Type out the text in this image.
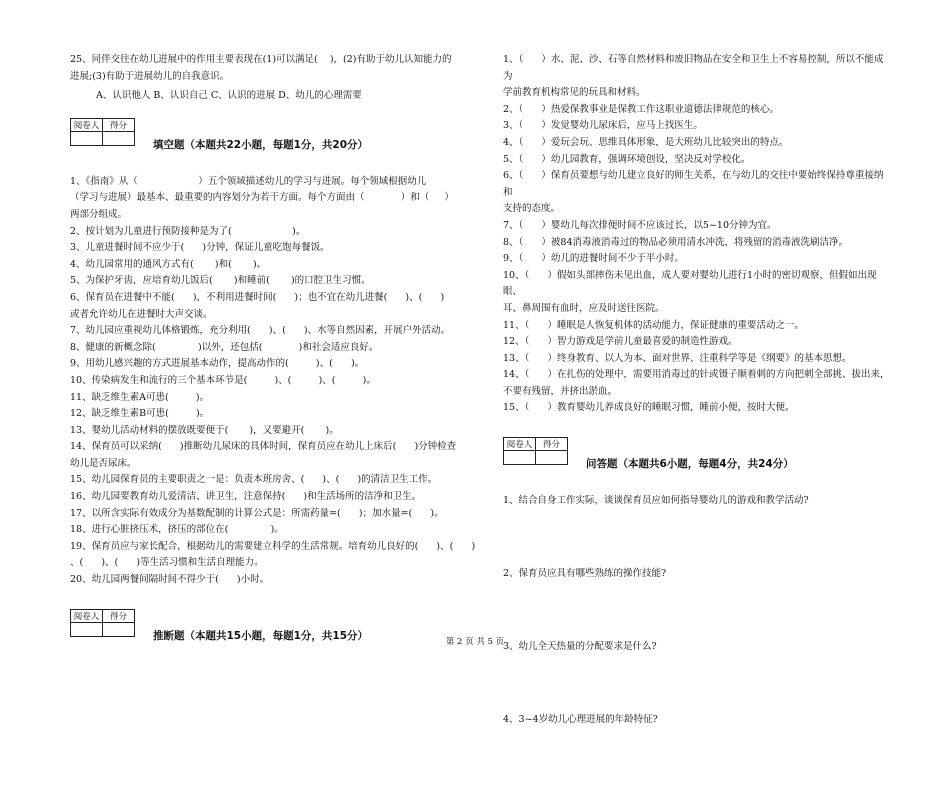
25、同伴交往在幼儿进展中的作用主要表现在(1)可以满足(    )，(2)有助于幼儿认知能力的
进展;(3)有助于进展幼儿的自我意识。
A、认识他人 B、认识自己 C、认识的进展 D、幼儿的心理需要
阅卷人	得分

填空题（本题共22小题，每题1分，共20分）
1、《指南》从（                    ）五个领域描述幼儿的学习与进展。每个领域根据幼儿
（学习与进展）最基本、最重要的内容划分为若干方面。每个方面由（            ）和（     ）
两部分组成。
2、按计划为儿童进行预防接种是为了(                    )。
3、儿童进餐时间不应少于(      )分钟，保证儿童吃饱每餐饭。
4、幼儿园常用的通风方式有(       )和(       )。
5、为保护牙齿，应培育幼儿饭后(       )和睡前(       )的口腔卫生习惯。
6、保育员在进餐中不能(      )，不利用进餐时间(      )；也不宜在幼儿进餐(      )、(      )
或者允许幼儿在进餐时大声交谈。
7、幼儿园应重视幼儿体格锻炼，充分利用(      )、(      )、水等自然因素，开展户外活动。
8、健康的新概念除(              )以外，还包括(            )和社会适应良好。
9、用幼儿感兴趣的方式进展基本动作，提高动作的(         )、(      )。
10、传染病发生和流行的三个基本环节是(         )、(         )、(         )。
11、缺乏维生素A可患(         )。
12、缺乏维生素B可患(         )。
13、婴幼儿活动材料的摆放既要便于(       )，又要避开(       )。
14、保育员可以采纳(      )推断幼儿尿床的具体时间，保育员应在幼儿上床后(      )分钟检查
幼儿是否尿床。
15、幼儿园保育员的主要职责之一是：负责本班房舍、(      )、(      )的清洁卫生工作。
16、幼儿园要教育幼儿爱清洁、讲卫生，注意保持(      )和生活场所的洁净和卫生。
17、以所含实际有效成分为基数配制的计算公式是：所需药量=(      )；加水量=(      )。
18、进行心脏挤压术，挤压的部位在(              )。
19、保育员应与家长配合，根据幼儿的需要建立科学的生活常规。培育幼儿良好的(      )、(      )
、(      )、(      )等生活习惯和生活自理能力。
20、幼儿园两餐间隔时间不得少于(      )小时。
阅卷人	得分

推断题（本题共15小题，每题1分，共15分）
1、（      ）水、泥、沙、石等自然材料和废旧物品在安全和卫生上不容易控制，所以不能成为
学前教育机构常见的玩具和材料。
2、（      ）热爱保教事业是保教工作这职业道德法律规范的核心。
3、（      ）发觉婴幼儿尿床后，应马上找医生。
4、（      ）爱玩会玩、思维具体形象，是大班幼儿比较突出的特点。
5、（      ）幼儿园教育，强调环境创设，坚决反对学校化。
6、（      ）保育员要想与幼儿建立良好的师生关系，在与幼儿的交往中要始终保持尊重接纳和
支持的态度。
7、（      ）婴幼儿每次排便时间不应该过长，以5~10分钟为宜。
8、（      ）被84消毒液消毒过的物品必须用清水冲洗，将残留的消毒液洗刷洁净。
9、（      ）幼儿的进餐时间不少于半小时。
10、（      ）假如头部摔伤未见出血，成人要对婴幼儿进行1小时的密切观察，但假如出现眼、
耳、鼻周围有血时，应及时送往医院。
11、（      ）睡眠是人恢复机体的活动能力，保证健康的重要活动之一。
12、（      ）智力游戏是学前儿童最喜爱的制造性游戏。
13、（      ）终身教育、以人为本、面对世界、注重科学等是《纲要》的基本思想。
14、（      ）在扎伤的处理中，需要用消毒过的针或镊子顺着刺的方向把刺全部挑、拔出来，
不要有残留，并挤出淤血。
15、（      ）教育婴幼儿养成良好的睡眠习惯，睡前小便，按时大便。
阅卷人	得分

问答题（本题共6小题，每题4分，共24分）
1、结合自身工作实际，谈谈保育员应如何指导婴幼儿的游戏和教学活动?
2、保育员应具有哪些熟练的操作技能?
3、幼儿全天热量的分配要求是什么?
4、3~4岁幼儿心理进展的年龄特征?
第 2 页 共 5 页
